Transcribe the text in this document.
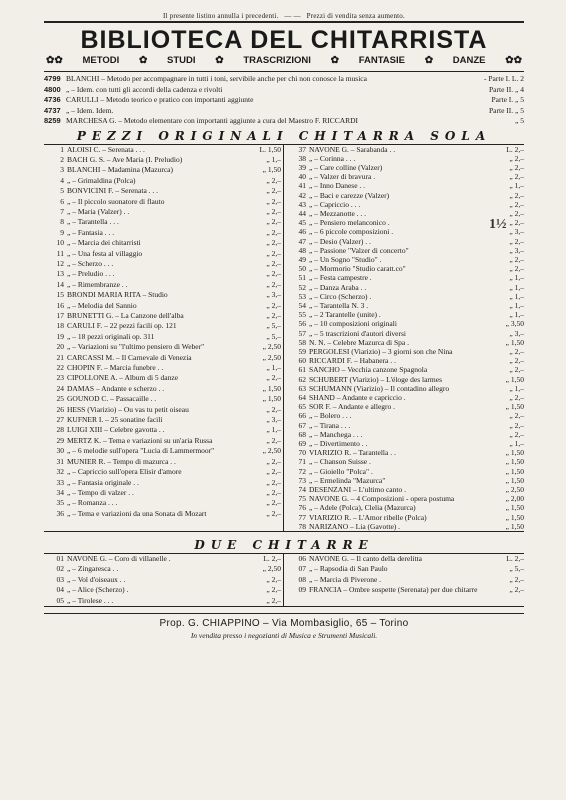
Il presente listino annulla i precedenti. — — Prezzi di vendita senza aumento.
BIBLIOTECA DEL CHITARRISTA
✿✿ METODI ✿ STUDI ✿ TRASCRIZIONI ✿ FANTASIE ✿ DANZE ✿✿
4799 BLANCHI – Metodo per accompagnare in tutti i toni, servibile anche per chi non conosce la musica	- Parte I. L. 2
4800 „ – Idem. con tutti gli accordi della cadenza e rivolti	Parte II. „ 4
4736 CARULLI – Metodo teorico e pratico con importanti aggiunte	Parte I. „ 5
4737 „ – Idem. Idem.	Parte II. „ 5
8259 MARCHESA G. – Metodo elementare con importanti aggiunte a cura del Maestro F. RICCARDI	„ 5
PEZZI ORIGINALI CHITARRA SOLA
1 ALOISI C. – Serenata . . .	L. 1,50
2 BACH G. S. – Ave Maria (I. Preludio)	„ 1,–
3 BLANCHI – Madamina (Mazurca)	„ 1,50
4 „ – Grimaldina (Polca)	„ 2,–
5 BONVICINI F. – Serenata . . .	„ 2,–
6 „ – Il piccolo suonatore di flauto	„ 2,–
7 „ – Maria (Valzer) . .	„ 2,–
8 „ – Tarantella . . .	„ 2,–
9 „ – Fantasia . . .	„ 2,–
10 „ – Marcia dei chitarristi	„ 2,–
11 „ – Una festa al villaggio	„ 2,–
12 „ – Scherzo . . .	„ 2,–
13 „ – Preludio . . .	„ 2,–
14 „ – Rimembranze . .	„ 2,–
15 BRONDI MARIA RITA – Studio	„ 3,–
16 „ – Melodia del Sannio	„ 2,–
17 BRUNETTI G. – La Canzone dell'alba	„ 2,–
18 CARULI F. – 22 pezzi facili op. 121	„ 5,–
19 „ – 18 pezzi originali op. 311	„ 5,–
20 „ – Variazioni su "l'ultimo pensiero di Weber"	„ 2,50
21 CARCASSI M. – Il Carnevale di Venezia	„ 2,50
22 CHOPIN F. – Marcia funebre . .	„ 1,–
23 CIPOLLONE A. – Album di 5 danze	„ 2,–
24 DAMAS – Andante e scherzo . .	„ 1,50
25 GOUNOD C. – Passacaille . .	„ 1,50
26 HESS (Viarizio) – Ou vas tu petit oiseau	„ 2,–
27 KUFNER I. – 25 sonatine facili	„ 3,–
28 LUIGI XIII – Celebre gavotta . .	„ 1,–
29 MERTZ K. – Tema e variazioni su un'aria Russa	„ 2,–
30 „ – 6 melodie sull'opera "Lucia di Lammermoor"	„ 2,50
31 MUNIER R. – Tempo di mazurca . .	„ 2,–
32 „ – Capriccio sull'opera Elisir d'amore	„ 2,–
33 „ – Fantasia originale . .	„ 2,–
34 „ – Tempo di valzer . .	„ 2,–
35 „ – Romanza . . .	„ 2,–
36 „ – Tema e variazioni da una Sonata di Mozart	„ 2,–
37 NAVONE G. – Sarabanda . .	L. 2,–
38 „ – Corinna . . .	„ 2,–
39 „ – Care colline (Valzer)	„ 2,–
40 „ – Valzer di bravura .	„ 2,–
41 „ – Inno Danese . .	„ 1,–
42 „ – Baci e carezze (Valzer)	„ 2,–
43 „ – Capriccio . . .	„ 2,–
44 „ – Mezzanotte . . .	„ 2,–
45 „ – Pensiero melanconico .	„ 2,–
46 „ – 6 piccole composizioni .	„ 3,–
47 „ – Desio (Valzer) . .	„ 2,–
48 „ – Passione "Valzer di concerto"	„ 3,–
49 „ – Un Sogno "Studio" .	„ 2,–
50 „ – Mormorio "Studio caratt.co"	„ 2,–
51 „ – Festa campestre .	„ 1,–
52 „ – Danza Araba . .	„ 1,–
53 „ – Circo (Scherzo) .	„ 1,–
54 „ – Tarantella N. 3 .	„ 1,–
55 „ – 2 Tarantelle (unite) .	„ 1,–
56 „ – 10 composizioni originali	„ 3,50
57 „ – 5 trascrizioni d'autori diversi	„ 3,–
58 N. N. – Celebre Mazurca di Spa .	„ 1,50
59 PERGOLESI (Viarizio) – 3 giorni son che Nina	„ 2,–
60 RICCARDI F. – Habanera . .	„ 2,–
61 SANCHO – Vecchia canzone Spagnola	„ 2,–
62 SCHUBERT (Viarizio) – L'éloge des larmes	„ 1,50
63 SCHUMANN (Viarizio) – Il contadino allegro	„ 1,–
64 SHAND – Andante e capriccio .	„ 2,–
65 SOR F. – Andante e allegro .	„ 1,50
66 „ – Bolero . . .	„ 2,–
67 „ – Tirana . . .	„ 2,–
68 „ – Manchega . . .	„ 2,–
69 „ – Divertimento . .	„ 1,–
70 VIARIZIO R. – Tarantella . .	„ 1,50
71 „ – Chanson Suisse .	„ 1,50
72 „ – Gioiello "Polca" .	„ 1,50
73 „ – Ermelinda "Mazurca"	„ 1,50
74 DESENZANI – L'ultimo canto .	„ 2,50
75 NAVONE G. – 4 Composizioni - opera postuma	„ 2,00
76 „ – Adele (Polca), Clelia (Mazurca)	„ 1,50
77 VIARIZIO R. – L'Amor ribelle (Polca)	„ 1,50
78 NARIZANO – Lia (Gavotte) .	„ 1,50
DUE CHITARRE
01 NAVONE G. – Coro di villanelle .	L. 2,–
02 „ – Zingaresca . .	„ 2,50
03 „ – Vol d'oiseaux . .	„ 2,–
04 „ – Alice (Scherzo) .	„ 2,–
05 „ – Tirolese . . .	„ 2,–
06 NAVONE G. – Il canto della derelitta	L. 2,–
07 „ – Rapsodia di San Paulo	„ 5,–
08 „ – Marcia di Piverone .	„ 2,–
09 FRANCIA – Ombre sospette (Serenata) per due chitarre	„ 2,–
Prop. G. CHIAPPINO – Via Mombasiglio, 65 – Torino
In vendita presso i negozianti di Musica e Strumenti Musicali.
1½
